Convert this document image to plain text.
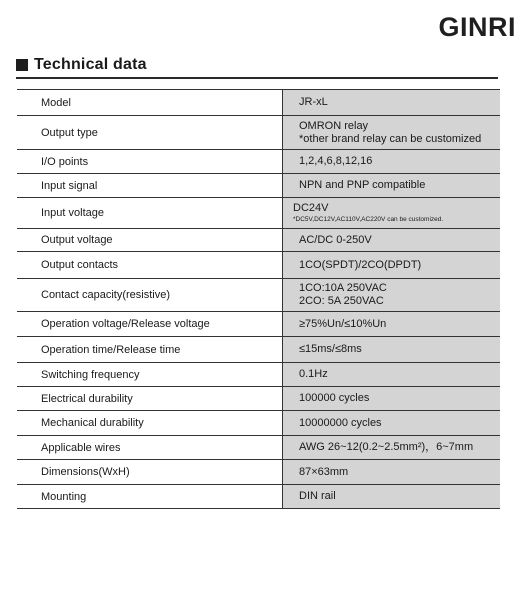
GINRI
Technical data
Model	JR-xL
Output type	OMRON relay
*other brand relay can be customized

I/O points	1,2,4,6,8,12,16
Input signal	NPN and PNP compatible
Input voltage	DC24V
*DC5V,DC12V,AC110V,AC220V can be customized.

Output voltage	AC/DC 0-250V
Output contacts	1CO(SPDT)/2CO(DPDT)
Contact capacity(resistive)	1CO:10A 250VAC
2CO: 5A 250VAC

Operation voltage/Release voltage	≥75%Un/≤10%Un
Operation time/Release time	≤15ms/≤8ms
Switching frequency	0.1Hz
Electrical durability	100000 cycles
Mechanical durability	10000000 cycles
Applicable wires	AWG 26~12(0.2~2.5mm²)，6~7mm
Dimensions(WxH)	87×63mm
Mounting	DIN rail
